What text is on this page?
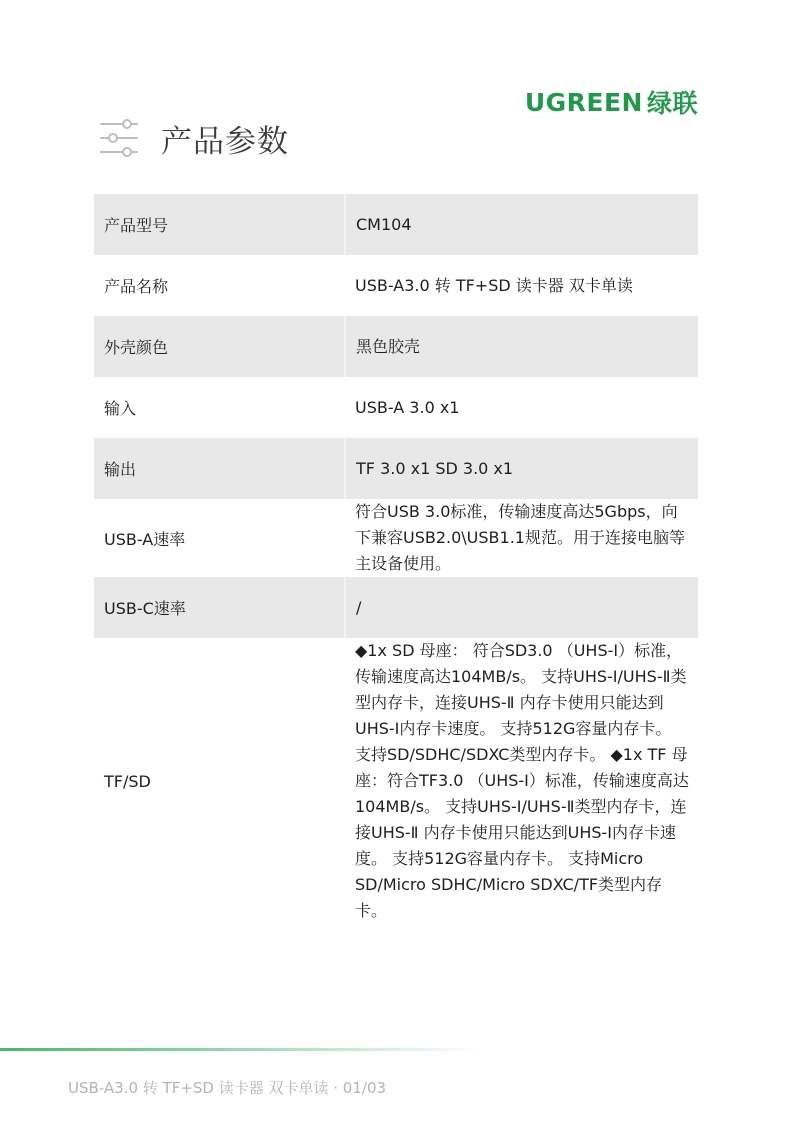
UGREEN 绿联
产品参数
产品型号	CM104
产品名称	USB-A3.0 转 TF+SD 读卡器 双卡单读
外壳颜色	黑色胶壳
输入	USB-A 3.0 x1
输出	TF 3.0 x1 SD 3.0 x1
USB-A速率	符合USB 3.0标准，传输速度高达5Gbps，向下兼容USB2.0\USB1.1规范。用于连接电脑等主设备使用。
USB-C速率	/
TF/SD	◆1x SD 母座： 符合SD3.0 （UHS-I）标准，传输速度高达104MB/s。 支持UHS-I/UHS-Ⅱ类型内存卡，连接UHS-Ⅱ 内存卡使用只能达到UHS-I内存卡速度。 支持512G容量内存卡。 支持SD/SDHC/SDXC类型内存卡。 ◆1x TF 母座：符合TF3.0 （UHS-I）标准，传输速度高达104MB/s。 支持UHS-I/UHS-Ⅱ类型内存卡，连接UHS-Ⅱ 内存卡使用只能达到UHS-I内存卡速度。 支持512G容量内存卡。 支持Micro SD/Micro SDHC/Micro SDXC/TF类型内存卡。
USB-A3.0 转 TF+SD 读卡器 双卡单读 · 01/03
